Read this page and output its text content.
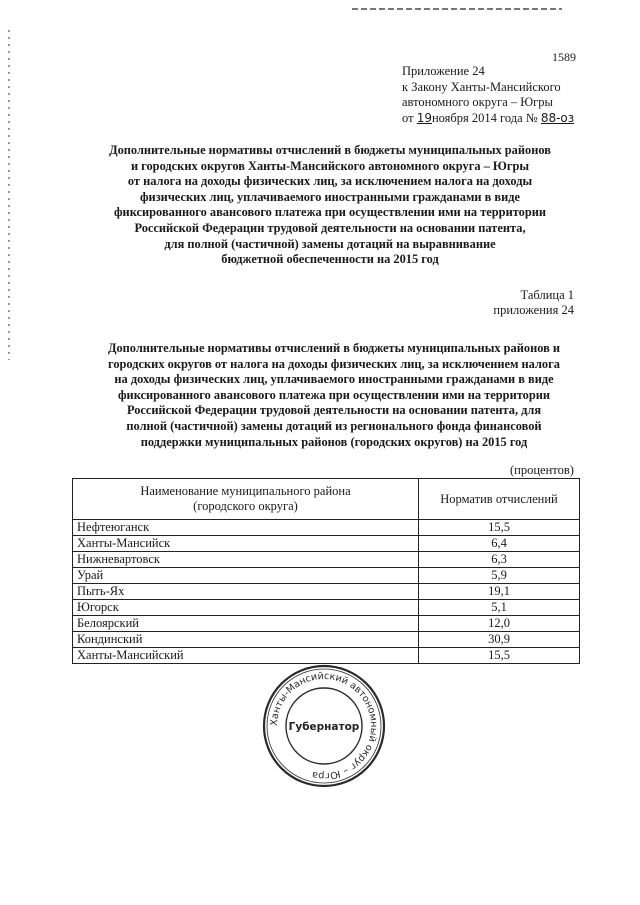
1589
Приложение 24
к Закону Ханты-Мансийского
автономного округа – Югры
от 19ноября 2014 года № 88-оз
Дополнительные нормативы отчислений в бюджеты муниципальных районов
и городских округов Ханты-Мансийского автономного округа – Югры
от налога на доходы физических лиц, за исключением налога на доходы
физических лиц, уплачиваемого иностранными гражданами в виде
фиксированного авансового платежа при осуществлении ими на территории
Российской Федерации трудовой деятельности на основании патента,
для полной (частичной) замены дотаций на выравнивание
бюджетной обеспеченности на 2015 год
Таблица 1
приложения 24
Дополнительные нормативы отчислений в бюджеты муниципальных районов и
городских округов от налога на доходы физических лиц, за исключением налога
на доходы физических лиц, уплачиваемого иностранными гражданами в виде
фиксированного авансового платежа при осуществлении ими на территории
Российской Федерации трудовой деятельности на основании патента, для
полной (частичной) замены дотаций из регионального фонда финансовой
поддержки муниципальных районов (городских округов) на 2015 год
(процентов)
Наименование муниципального района
(городского округа)	Норматив отчислений
Нефтеюганск	15,5
Ханты-Мансийск	6,4
Нижневартовск	6,3
Урай	5,9
Пыть-Ях	19,1
Югорск	5,1
Белоярский	12,0
Кондинский	30,9
Ханты-Мансийский	15,5
Ханты-Мансийский автономный округ – Югра
Губернатор
